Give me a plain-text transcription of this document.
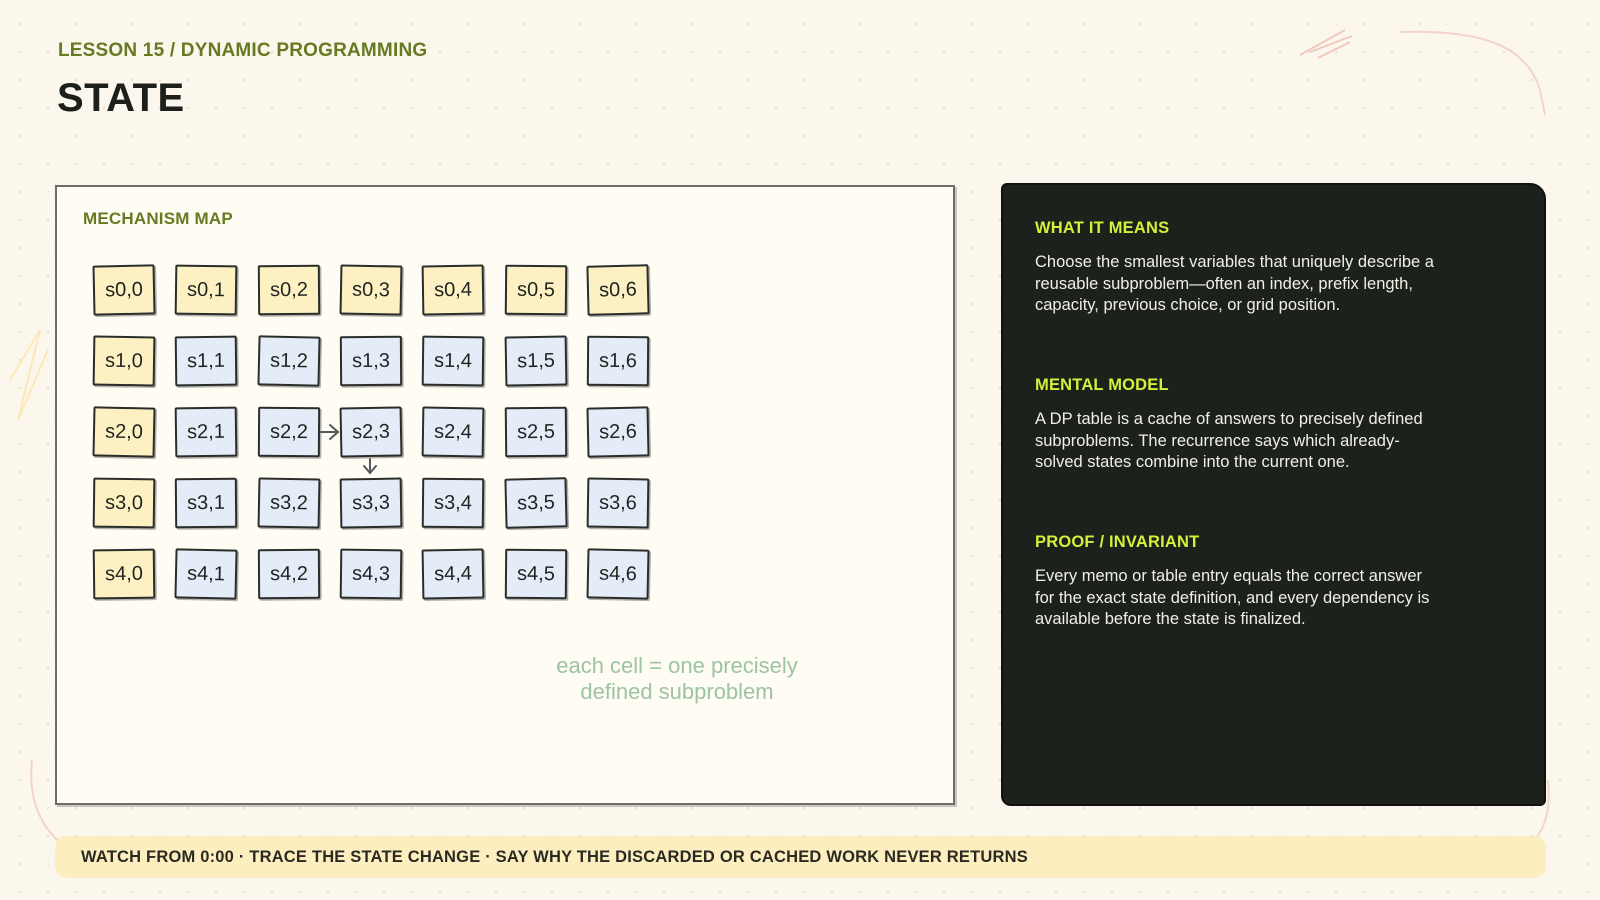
LESSON 15 / DYNAMIC PROGRAMMING

STATE
MECHANISM MAP
s0,0	s0,1	s0,2	s0,3	s0,4	s0,5	s0,6
s1,0	s1,1	s1,2	s1,3	s1,4	s1,5	s1,6
s2,0	s2,1	s2,2	s2,3	s2,4	s2,5	s2,6
s3,0	s3,1	s3,2	s3,3	s3,4	s3,5	s3,6
s4,0	s4,1	s4,2	s4,3	s4,4	s4,5	s4,6
each cell = one precisely defined subproblem
WHAT IT MEANS

Choose the smallest variables that uniquely describe a reusable subproblem—often an index, prefix length, capacity, previous choice, or grid position.

MENTAL MODEL

A DP table is a cache of answers to precisely defined subproblems. The recurrence says which already-solved states combine into the current one.

PROOF / INVARIANT

Every memo or table entry equals the correct answer for the exact state definition, and every dependency is available before the state is finalized.

WATCH FROM 0:00 · TRACE THE STATE CHANGE · SAY WHY THE DISCARDED OR CACHED WORK NEVER RETURNS
